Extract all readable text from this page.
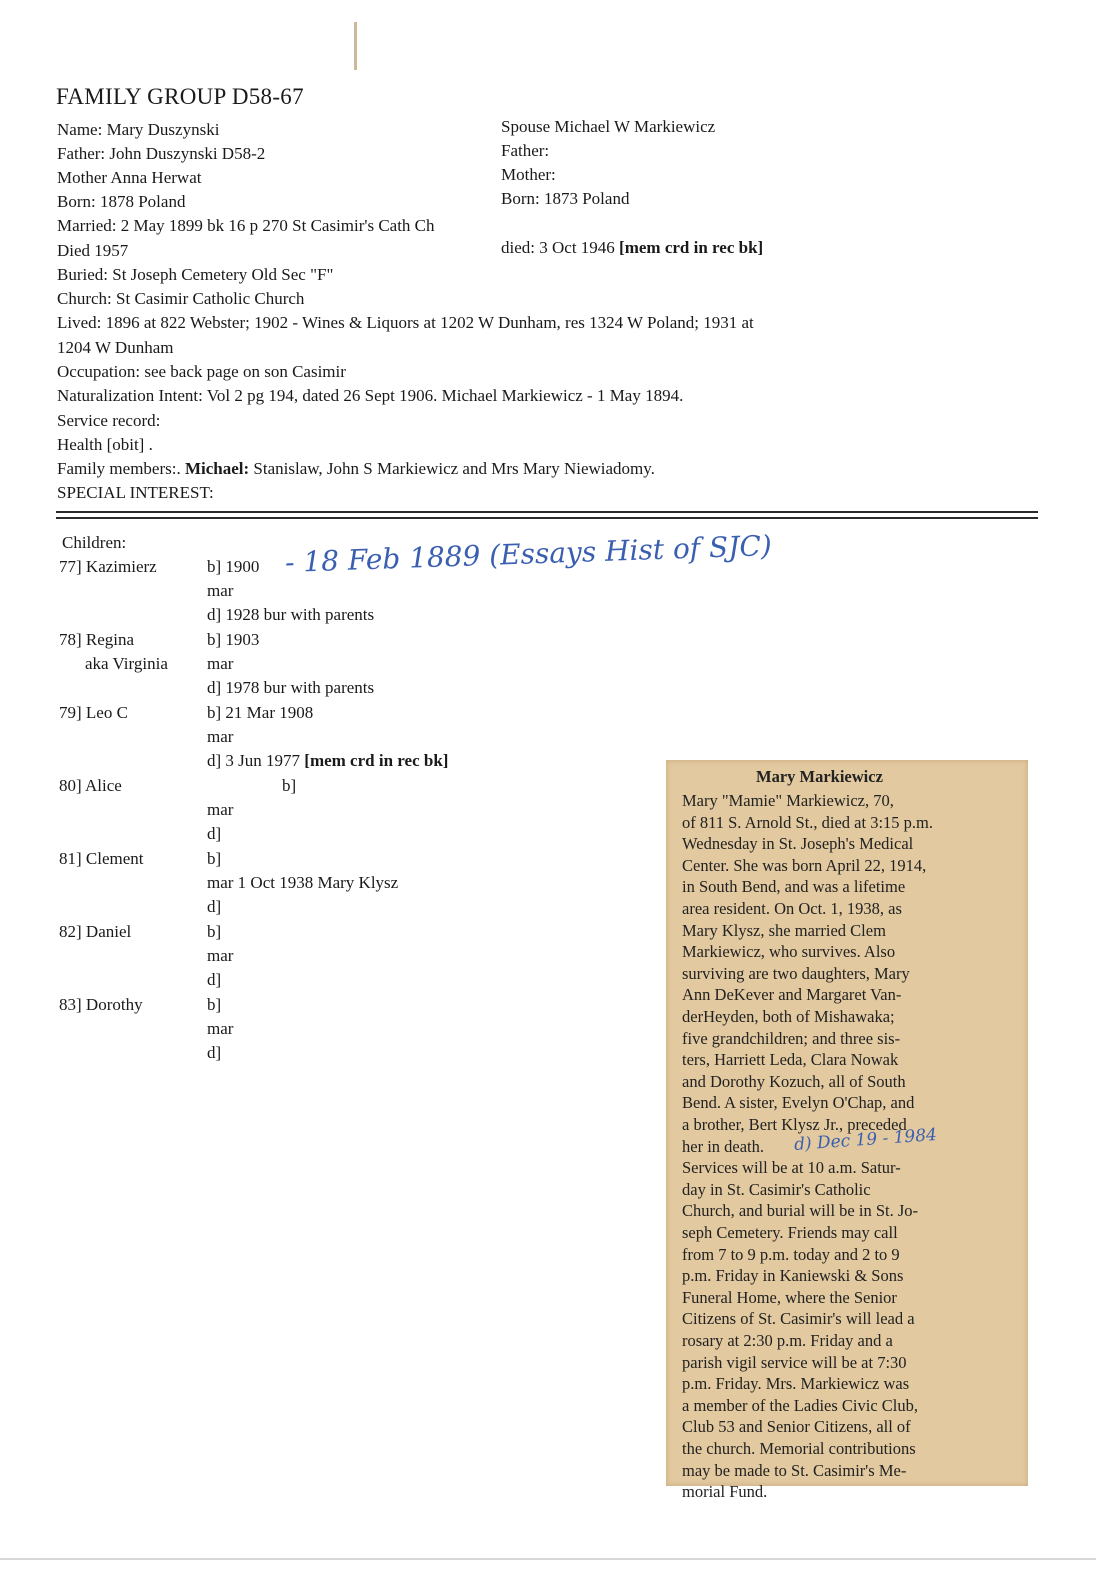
FAMILY GROUP D58-67
Name: Mary Duszynski
Father: John Duszynski D58-2
Mother Anna Herwat
Born: 1878 Poland
Married: 2 May 1899 bk 16 p 270 St Casimir's Cath Ch
Died 1957
Buried: St Joseph Cemetery Old Sec "F"
Church: St Casimir Catholic Church
Lived: 1896 at 822 Webster; 1902 - Wines & Liquors at 1202 W Dunham, res 1324 W Poland; 1931 at
1204 W Dunham
Occupation: see back page on son Casimir
Naturalization Intent: Vol 2 pg 194, dated 26 Sept 1906. Michael Markiewicz - 1 May 1894.
Service record:
Health [obit] .
Family members:. Michael: Stanislaw, John S Markiewicz and Mrs Mary Niewiadomy.
SPECIAL INTEREST:
Spouse Michael W Markiewicz
Father:
Mother:
Born: 1873 Poland
died: 3 Oct 1946 [mem crd in rec bk]
Children:
77] Kazimierz	b] 1900
mar
d] 1928 bur with parents
- 18 Feb 1889 (Essays Hist of SJC)
78] Regina
aka Virginia
b] 1903
mar
d] 1978 bur with parents
79] Leo C	b] 21 Mar 1908
mar
d] 3 Jun 1977 [mem crd in rec bk]
80] Alice	b]
mar
d]
81] Clement	b]
mar 1 Oct 1938 Mary Klysz
d]
82] Daniel	b]
mar
d]
83] Dorothy	b]
mar
d]
Mary Markiewicz
Mary "Mamie" Markiewicz, 70,
of 811 S. Arnold St., died at 3:15 p.m.
Wednesday in St. Joseph's Medical
Center. She was born April 22, 1914,
in South Bend, and was a lifetime
area resident. On Oct. 1, 1938, as
Mary Klysz, she married Clem
Markiewicz, who survives. Also
surviving are two daughters, Mary
Ann DeKever and Margaret Van-
derHeyden, both of Mishawaka;
five grandchildren; and three sis-
ters, Harriett Leda, Clara Nowak
and Dorothy Kozuch, all of South
Bend. A sister, Evelyn O'Chap, and
a brother, Bert Klysz Jr., preceded
her in death.
Services will be at 10 a.m. Satur-
day in St. Casimir's Catholic
Church, and burial will be in St. Jo-
seph Cemetery. Friends may call
from 7 to 9 p.m. today and 2 to 9
p.m. Friday in Kaniewski & Sons
Funeral Home, where the Senior
Citizens of St. Casimir's will lead a
rosary at 2:30 p.m. Friday and a
parish vigil service will be at 7:30
p.m. Friday. Mrs. Markiewicz was
a member of the Ladies Civic Club,
Club 53 and Senior Citizens, all of
the church. Memorial contributions
may be made to St. Casimir's Me-
morial Fund.
d) Dec 19 - 1984
